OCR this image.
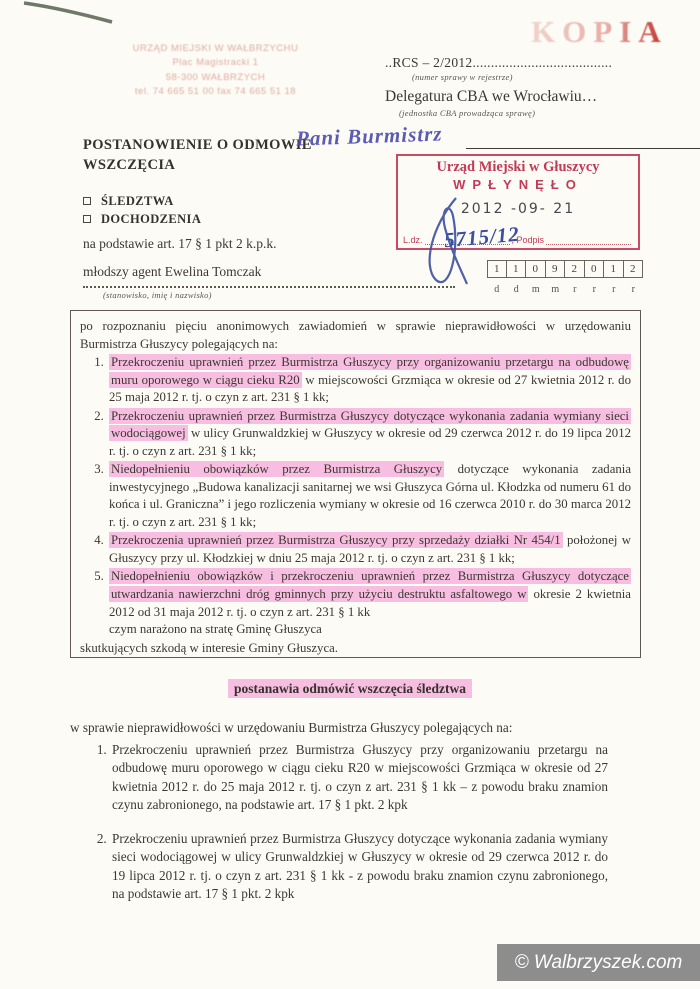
URZĄD MIEJSKI W WAŁBRZYCHU
Plac Magistracki 1
58-300 WAŁBRZYCH
tel. 74 665 51 00 fax 74 665 51 18
KOPIA
..RCS – 2/2012......................................
(numer sprawy w rejestrze)
Delegatura CBA we Wrocławiu…
(jednostka CBA prowadząca sprawę)
POSTANOWIENIE O ODMOWIE
WSZCZĘCIA
Pani Burmistrz
ŚLEDZTWA
DOCHODZENIA
na podstawie art. 17 § 1 pkt 2 k.p.k.
Urząd Miejski w Głuszycy
WPŁYNĘŁO
2012 -09- 21
L.dz.	, Podpis
5715/12
młodszy agent Ewelina Tomczak
(stanowisko, imię i nazwisko)
1	1	0	9	2	0	1	2
d d m m r r r r

po rozpoznaniu pięciu anonimowych zawiadomień w sprawie nieprawidłowości w urzędowaniu Burmistrza Głuszycy polegających na:

1. Przekroczeniu uprawnień przez Burmistrza Głuszycy przy organizowaniu przetargu na odbudowę muru oporowego w ciągu cieku R20 w miejscowości Grzmiąca w okresie od 27 kwietnia 2012 r. do 25 maja 2012 r. tj. o czyn z art. 231 § 1 kk;
2. Przekroczeniu uprawnień przez Burmistrza Głuszycy dotyczące wykonania zadania wymiany sieci wodociągowej w ulicy Grunwaldzkiej w Głuszycy w okresie od 29 czerwca 2012 r. do 19 lipca 2012 r. tj. o czyn z art. 231 § 1 kk;
3. Niedopełnieniu obowiązków przez Burmistrza Głuszycy dotyczące wykonania zadania inwestycyjnego „Budowa kanalizacji sanitarnej we wsi Głuszyca Górna ul. Kłodzka od numeru 61 do końca i ul. Graniczna” i jego rozliczenia wymiany w okresie od 16 czerwca 2010 r. do 30 marca 2012 r. tj. o czyn z art. 231 § 1 kk;
4. Przekroczenia uprawnień przez Burmistrza Głuszycy przy sprzedaży działki Nr 454/1 położonej w Głuszycy przy ul. Kłodzkiej w dniu 25 maja 2012 r. tj. o czyn z art. 231 § 1 kk;
5. Niedopełnieniu obowiązków i przekroczeniu uprawnień przez Burmistrza Głuszycy dotyczące utwardzania nawierzchni dróg gminnych przy użyciu destruktu asfaltowego w okresie 2 kwietnia 2012 od 31 maja 2012 r. tj. o czyn z art. 231 § 1 kk
czym narażono na stratę Gminę Głuszyca

skutkujących szkodą w interesie Gminy Głuszyca.

postanawia odmówić wszczęcia śledztwa
w sprawie nieprawidłowości w urzędowaniu Burmistrza Głuszycy polegających na:
1. Przekroczeniu uprawnień przez Burmistrza Głuszycy przy organizowaniu przetargu na odbudowę muru oporowego w ciągu cieku R20 w miejscowości Grzmiąca w okresie od 27 kwietnia 2012 r. do 25 maja 2012 r. tj. o czyn z art. 231 § 1 kk – z powodu braku znamion czynu zabronionego, na podstawie art. 17 § 1 pkt. 2 kpk
2. Przekroczeniu uprawnień przez Burmistrza Głuszycy dotyczące wykonania zadania wymiany sieci wodociągowej w ulicy Grunwaldzkiej w Głuszycy w okresie od 29 czerwca 2012 r. do 19 lipca 2012 r. tj. o czyn z art. 231 § 1 kk - z powodu braku znamion czynu zabronionego, na podstawie art. 17 § 1 pkt. 2 kpk
© Walbrzyszek.com
